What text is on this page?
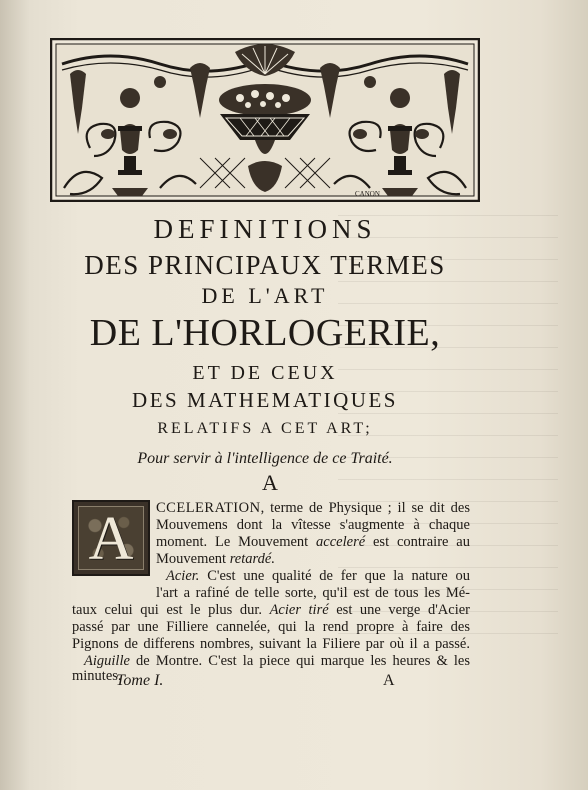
CANON

DEFINITIONS

DES PRINCIPAUX TERMES

DE L'ART

DE L'HORLOGERIE,

ET DE CEUX

DES MATHEMATIQUES

RELATIFS A CET ART;

Pour servir à l'intelligence de ce Traité.

A

A	CCELERATION, terme de Physique ; il se dit des

Mouvemens dont la vîtesse s'augmente à chaque

moment. Le Mouvement acceleré est contraire au

Mouvement retardé.

Acier. C'est une qualité de fer que la nature ou

l'art a rafiné de telle sorte, qu'il est de tous les Mé-

taux celui qui est le plus dur. Acier tiré est une verge d'Acier

passé par une Filliere cannelée, qui la rend propre à faire des

Pignons de differens nombres, suivant la Filiere par où il a passé.

Aiguille de Montre. C'est la piece qui marque les heures & les

minutes.

Tome I.	A
